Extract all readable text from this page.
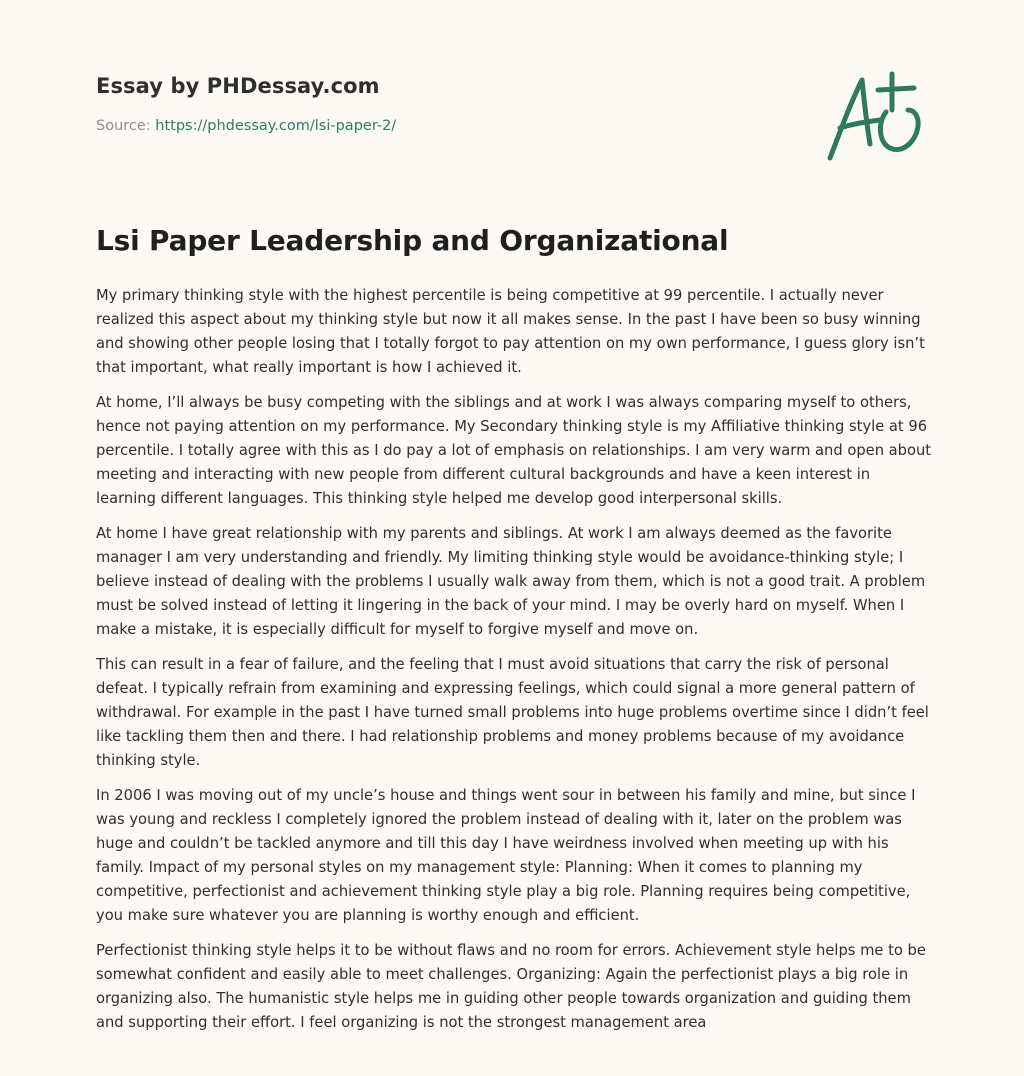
Essay by PHDessay.com
Source: https://phdessay.com/lsi-paper-2/
Lsi Paper Leadership and Organizational

My primary thinking style with the highest percentile is being competitive at 99 percentile. I actually never realized this aspect about my thinking style but now it all makes sense. In the past I have been so busy winning and showing other people losing that I totally forgot to pay attention on my own performance, I guess glory isn’t that important, what really important is how I achieved it.

At home, I’ll always be busy competing with the siblings and at work I was always comparing myself to others, hence not paying attention on my performance. My Secondary thinking style is my Affiliative thinking style at 96 percentile. I totally agree with this as I do pay a lot of emphasis on relationships. I am very warm and open about meeting and interacting with new people from different cultural backgrounds and have a keen interest in learning different languages. This thinking style helped me develop good interpersonal skills.

At home I have great relationship with my parents and siblings. At work I am always deemed as the favorite manager I am very understanding and friendly. My limiting thinking style would be avoidance-thinking style; I believe instead of dealing with the problems I usually walk away from them, which is not a good trait. A problem must be solved instead of letting it lingering in the back of your mind. I may be overly hard on myself. When I make a mistake, it is especially difficult for myself to forgive myself and move on.

This can result in a fear of failure, and the feeling that I must avoid situations that carry the risk of personal defeat. I typically refrain from examining and expressing feelings, which could signal a more general pattern of withdrawal. For example in the past I have turned small problems into huge problems overtime since I didn’t feel like tackling them then and there. I had relationship problems and money problems because of my avoidance thinking style.

In 2006 I was moving out of my uncle’s house and things went sour in between his family and mine, but since I was young and reckless I completely ignored the problem instead of dealing with it, later on the problem was huge and couldn’t be tackled anymore and till this day I have weirdness involved when meeting up with his family. Impact of my personal styles on my management style: Planning: When it comes to planning my competitive, perfectionist and achievement thinking style play a big role. Planning requires being competitive, you make sure whatever you are planning is worthy enough and efficient.

Perfectionist thinking style helps it to be without flaws and no room for errors. Achievement style helps me to be somewhat confident and easily able to meet challenges. Organizing: Again the perfectionist plays a big role in organizing also. The humanistic style helps me in guiding other people towards organization and guiding them and supporting their effort. I feel organizing is not the strongest management area
